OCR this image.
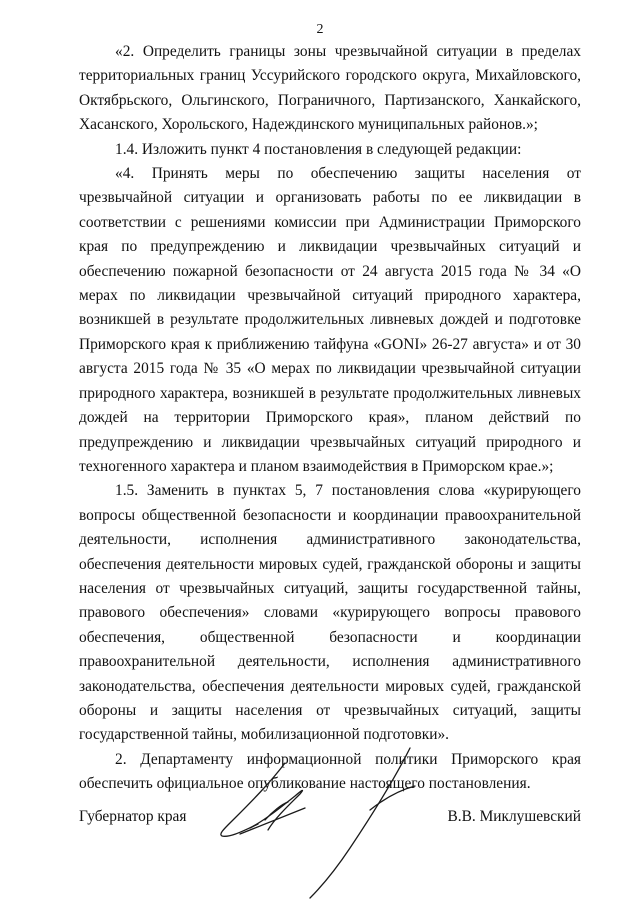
2

«2. Определить границы зоны чрезвычайной ситуации в пределах территориальных границ Уссурийского городского округа, Михайловского, Октябрьского, Ольгинского, Пограничного, Партизанского, Ханкайского, Хасанского, Хорольского, Надеждинского муниципальных районов.»;

1.4. Изложить пункт 4 постановления в следующей редакции:

«4. Принять меры по обеспечению защиты населения от чрезвычайной ситуации и организовать работы по ее ликвидации в соответствии с решениями комиссии при Администрации Приморского края по предупреждению и ликвидации чрезвычайных ситуаций и обеспечению пожарной безопасности от 24 августа 2015 года № 34 «О мерах по ликвидации чрезвычайной ситуаций природного характера, возникшей в результате продолжительных ливневых дождей и подготовке Приморского края к приближению тайфуна «GONI» 26-27 августа» и от 30 августа 2015 года № 35 «О мерах по ликвидации чрезвычайной ситуации природного характера, возникшей в результате продолжительных ливневых дождей на территории Приморского края», планом действий по предупреждению и ликвидации чрезвычайных ситуаций природного и техногенного характера и планом взаимодействия в Приморском крае.»;

1.5. Заменить в пунктах 5, 7 постановления слова «курирующего вопросы общественной безопасности и координации правоохранительной деятельности, исполнения административного законодательства, обеспечения деятельности мировых судей, гражданской обороны и защиты населения от чрезвычайных ситуаций, защиты государственной тайны, правового обеспечения» словами «курирующего вопросы правового обеспечения, общественной безопасности и координации правоохранительной деятельности, исполнения административного законодательства, обеспечения деятельности мировых судей, гражданской обороны и защиты населения от чрезвычайных ситуаций, защиты государственной тайны, мобилизационной подготовки».

2. Департаменту информационной политики Приморского края обеспечить официальное опубликование настоящего постановления.

Губернатор края	В.В. Миклушевский
